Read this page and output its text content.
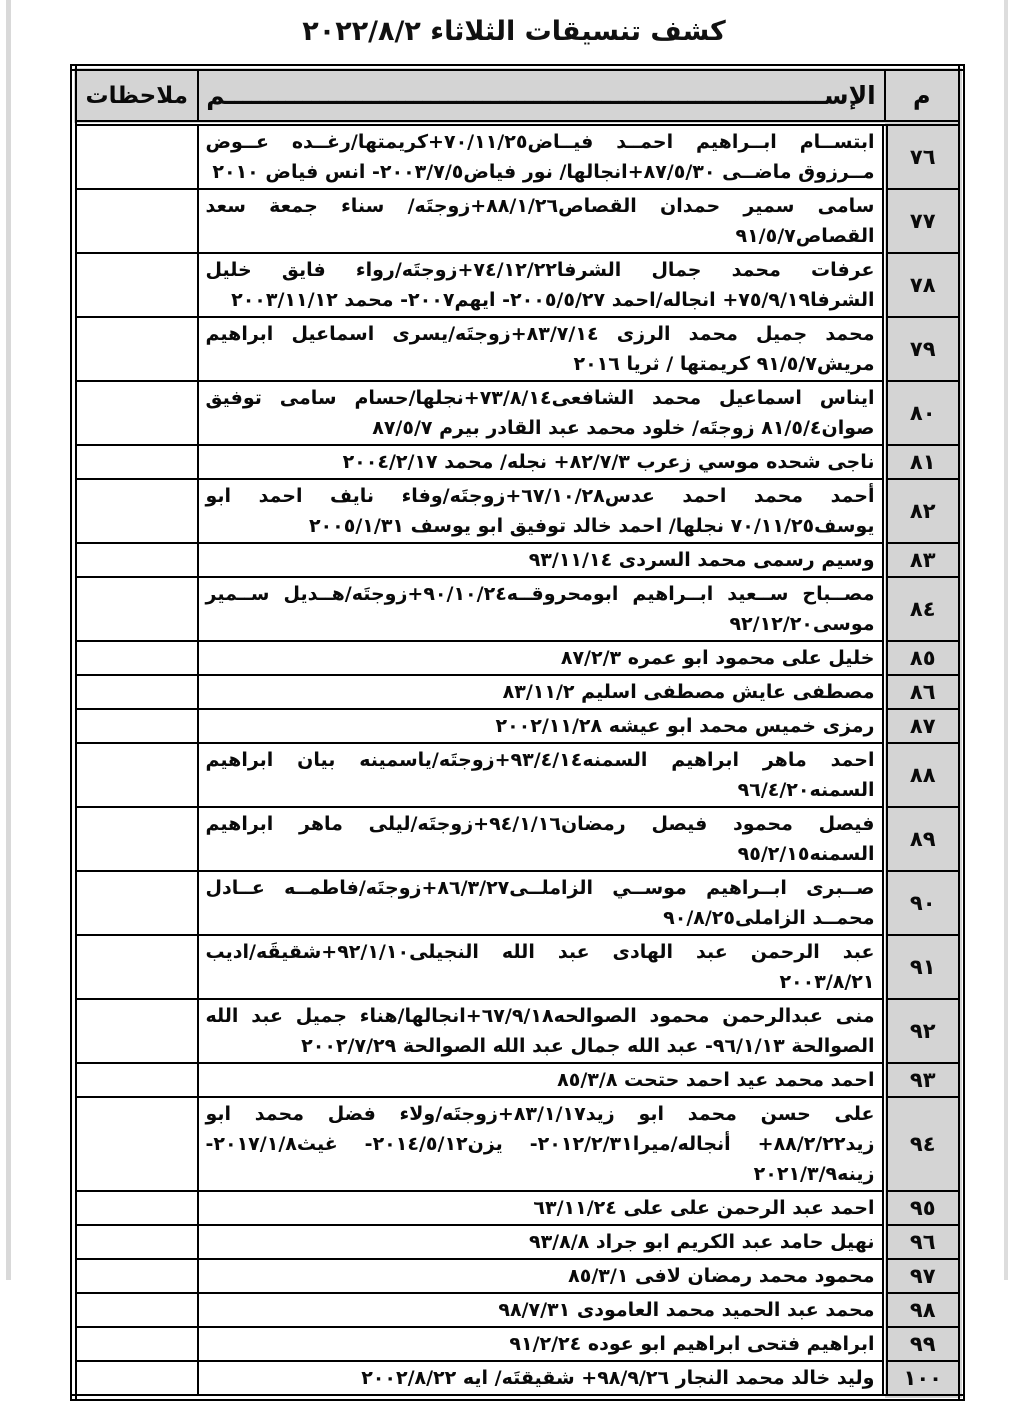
كشف تنسيقات الثلاثاء ٢٠٢٢/٨/٢
م	الإســــــــــــــــــــــــــــــــــــــــــــــــــــــــــــــــــــــم	ملاحظات
٧٦	ابتســام ابــراهيم احمــد فيــاض٧٠/١١/٢٥+كريمتها/رغــده عــوض مــرزوق ماضــى ٨٧/٥/٣٠+انجالها/ نور فياض٢٠٠٣/٧/٥- انس فياض ٢٠١٠	
٧٧	سامى سمير حمدان القصاص٨٨/١/٢٦+زوجتَه/ سناء جمعة سعد القصاص٩١/٥/٧	
٧٨	عرفات محمد جمال الشرفا٧٤/١٢/٢٢+زوجتَه/رواء فايق خليل الشرفا٧٥/٩/١٩+ انجاله/احمد ٢٠٠٥/٥/٢٧- ايهم٢٠٠٧- محمد ٢٠٠٣/١١/١٢	
٧٩	محمد جميل محمد الرزى ٨٣/٧/١٤+زوجتَه/يسرى اسماعيل ابراهيم مريش٩١/٥/٧ كريمتها / ثريا ٢٠١٦	
٨٠	ايناس اسماعيل محمد الشافعى٧٣/٨/١٤+نجلها/حسام سامى توفيق صوان٨١/٥/٤ زوجتَه/ خلود محمد عبد القادر بيرم ٨٧/٥/٧	
٨١	ناجى شحده موسي زعرب ٨٢/٧/٣+ نجله/ محمد ٢٠٠٤/٢/١٧	
٨٢	أحمد محمد احمد عدس٦٧/١٠/٢٨+زوجتَه/وفاء نايف احمد ابو يوسف٧٠/١١/٢٥ نجلها/ احمد خالد توفيق ابو يوسف ٢٠٠٥/١/٣١	
٨٣	وسيم رسمى محمد السردى ٩٣/١١/١٤	
٨٤	مصــباح ســعيد ابــراهيم ابومحروقــه٩٠/١٠/٢٤+زوجتَه/هــديل ســمير موسى٩٢/١٢/٢٠	
٨٥	خليل على محمود ابو عمره ٨٧/٢/٣	
٨٦	مصطفى عايش مصطفى اسليم ٨٣/١١/٢	
٨٧	رمزى خميس محمد ابو عيشه ٢٠٠٢/١١/٢٨	
٨٨	احمد ماهر ابراهيم السمنه٩٣/٤/١٤+زوجتَه/ياسمينه بيان ابراهيم السمنه٩٦/٤/٢٠	
٨٩	فيصل محمود فيصل رمضان٩٤/١/١٦+زوجتَه/ليلى ماهر ابراهيم السمنه٩٥/٢/١٥	
٩٠	صــبرى ابــراهيم موســي الزاملــى٨٦/٣/٢٧+زوجتَه/فاطمــه عــادل محمــد الزاملى٩٠/٨/٢٥	
٩١	عبد الرحمن عبد الهادى عبد الله النجيلى٩٢/١/١٠+شقيقَه/اديب ٢٠٠٣/٨/٢١	
٩٢	منى عبدالرحمن محمود الصوالحه٦٧/٩/١٨+انجالها/هناء جميل عبد الله الصوالحة ٩٦/١/١٣- عبد الله جمال عبد الله الصوالحة ٢٠٠٢/٧/٢٩	
٩٣	احمد محمد عيد احمد حتحت ٨٥/٣/٨	
٩٤	على حسن محمد ابو زيد٨٣/١/١٧+زوجتَه/ولاء فضل محمد ابو زيد٨٨/٢/٢٢+ أنجاله/ميرا٢٠١٢/٢/٣١- يزن٢٠١٤/٥/١٢- غيث٢٠١٧/١/٨- زينه٢٠٢١/٣/٩	
٩٥	احمد عبد الرحمن على على ٦٣/١١/٢٤	
٩٦	نهيل حامد عبد الكريم ابو جراد ٩٣/٨/٨	
٩٧	محمود محمد رمضان لافى ٨٥/٣/١	
٩٨	محمد عبد الحميد محمد العامودى ٩٨/٧/٣١	
٩٩	ابراهيم فتحى ابراهيم ابو عوده ٩١/٢/٢٤	
١٠٠	وليد خالد محمد النجار ٩٨/٩/٢٦+ شقيقتَه/ ايه ٢٠٠٢/٨/٢٢	
